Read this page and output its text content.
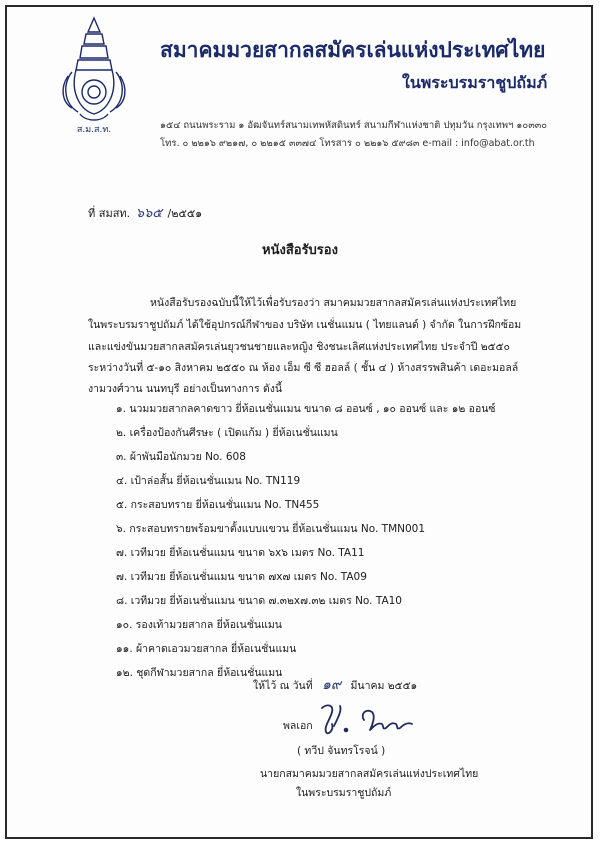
ส.ม.ส.ท.
สมาคมมวยสากลสมัครเล่นแห่งประเทศไทย
ในพระบรมราชูปถัมภ์
๑๕๔ ถนนพระราม ๑ อัฒจันทร์สนามเทพหัสดินทร์ สนามกีฬาแห่งชาติ ปทุมวัน กรุงเทพฯ ๑๐๓๓๐
โทร. ๐ ๒๒๑๖ ๙๒๑๗, ๐ ๒๒๑๕ ๓๓๗๔ โทรสาร ๐ ๒๒๑๖ ๕๙๘๓ e-mail : info@abat.or.th
ที่ สมสท. ๖๖๕ /๒๕๕๑
หนังสือรับรอง
หนังสือรับรองฉบับนี้ให้ไว้เพื่อรับรองว่า สมาคมมวยสากลสมัครเล่นแห่งประเทศไทย
ในพระบรมราชูปถัมภ์ ได้ใช้อุปกรณ์กีฬาของ บริษัท เนชั่นแมน ( ไทยแลนด์ ) จำกัด ในการฝึกซ้อม
และแข่งขันมวยสากลสมัครเล่นยุวชนชายและหญิง ชิงชนะเลิศแห่งประเทศไทย ประจำปี ๒๕๕๐
ระหว่างวันที่ ๕-๑๐ สิงหาคม ๒๕๕๐ ณ ห้อง เอ็ม ซี ซี ฮอลล์ ( ชั้น ๔ ) ห้างสรรพสินค้า เดอะมอลล์
งามวงศ์วาน นนทบุรี อย่างเป็นทางการ ดังนี้
๑. นวมมวยสากลคาดขาว ยี่ห้อเนชั่นแมน ขนาด ๘ ออนซ์ , ๑๐ ออนซ์ และ ๑๒ ออนซ์
๒. เครื่องป้องกันศีรษะ ( เปิดแก้ม ) ยี่ห้อเนชั่นแมน
๓. ผ้าพันมือนักมวย No. 608
๔. เป้าล่อสั้น ยี่ห้อเนชั่นแมน No. TN119
๕. กระสอบทราย ยี่ห้อเนชั่นแมน No. TN455
๖. กระสอบทรายพร้อมขาตั้งแบบแขวน ยี่ห้อเนชั่นแมน No. TMN001
๗. เวทีมวย ยี่ห้อเนชั่นแมน ขนาด ๖x๖ เมตร No. TA11
๗. เวทีมวย ยี่ห้อเนชั่นแมน ขนาด ๗x๗ เมตร No. TA09
๘. เวทีมวย ยี่ห้อเนชั่นแมน ขนาด ๗.๓๒x๗.๓๒ เมตร No. TA10
๑๐. รองเท้ามวยสากล ยี่ห้อเนชั่นแมน
๑๑. ผ้าคาดเอวมวยสากล ยี่ห้อเนชั่นแมน
๑๒. ชุดกีฬามวยสากล ยี่ห้อเนชั่นแมน
ให้ไว้ ณ วันที่ ๑๙ มีนาคม ๒๕๕๑
พลเอก
( ทวีป จันทรโรจน์ )
นายกสมาคมมวยสากลสมัครเล่นแห่งประเทศไทย
ในพระบรมราชูปถัมภ์
